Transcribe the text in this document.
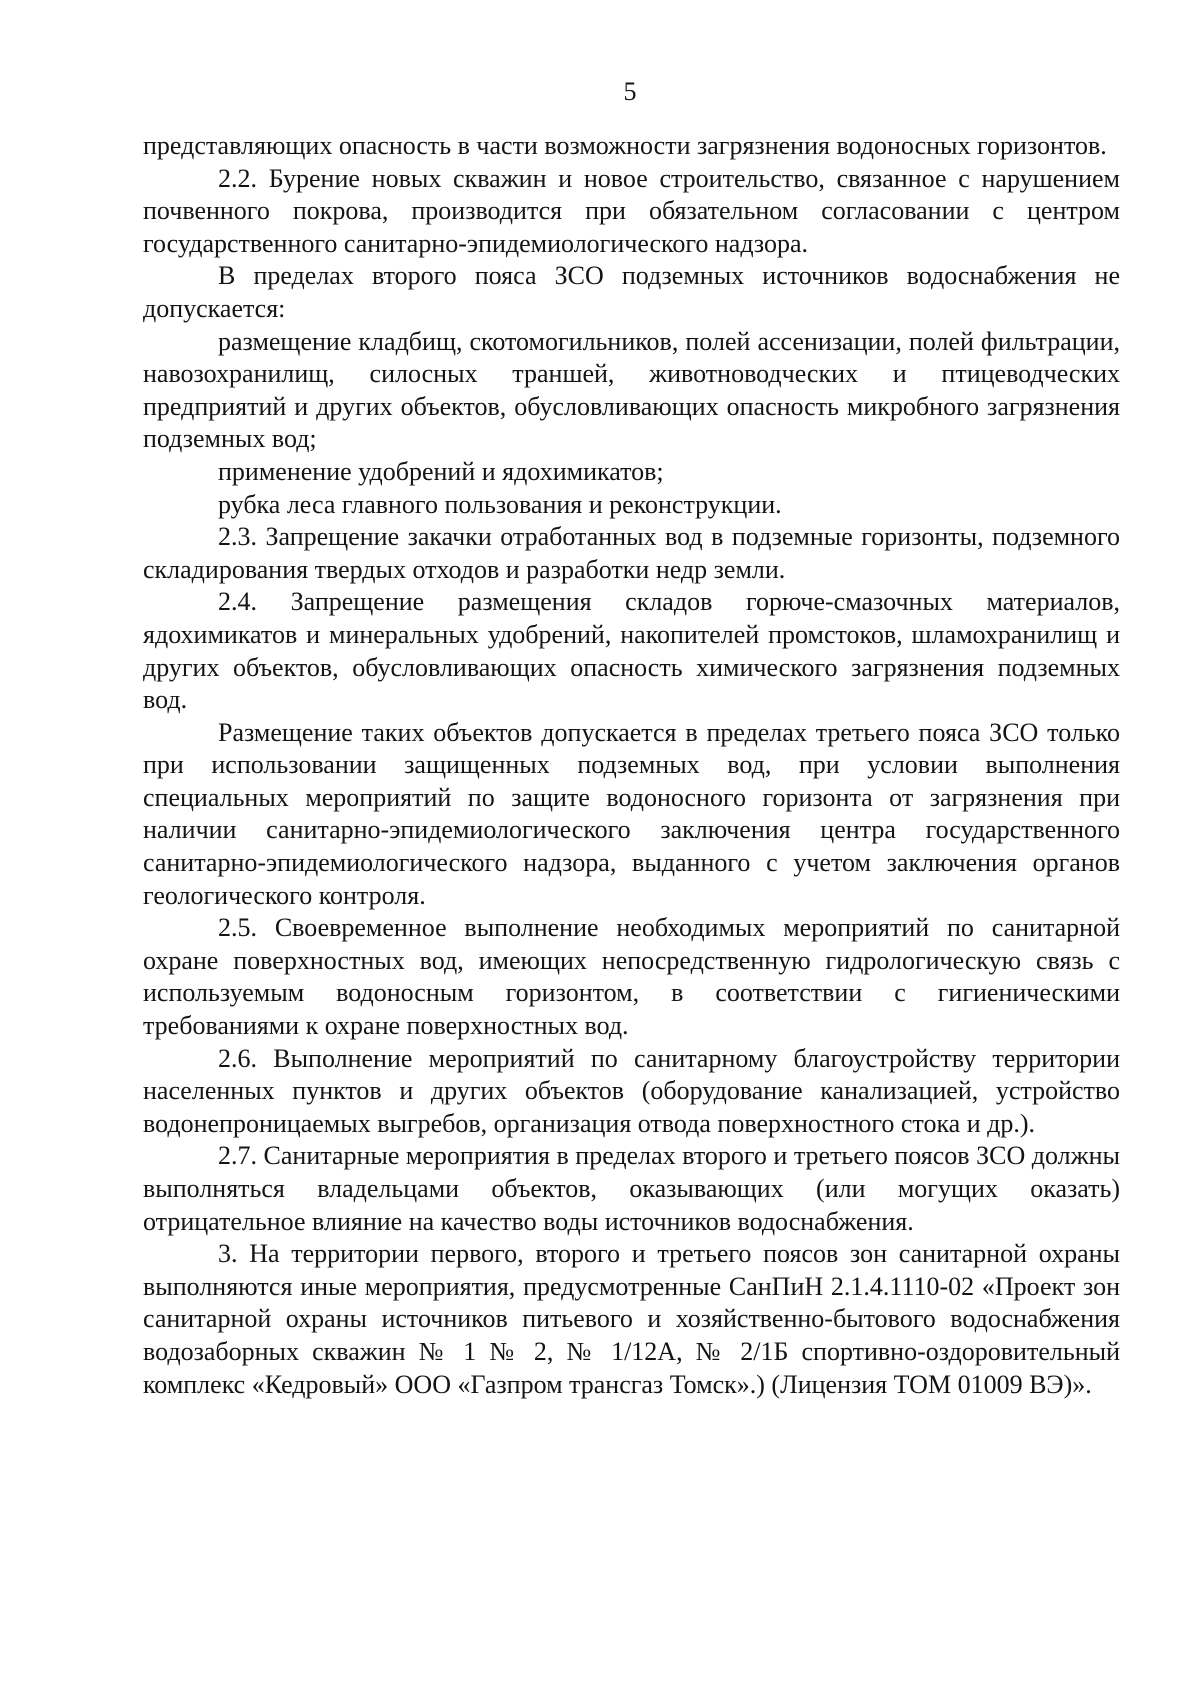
5

представляющих опасность в части возможности загрязнения водоносных горизонтов.

2.2. Бурение новых скважин и новое строительство, связанное с нарушением почвенного покрова, производится при обязательном согласовании с центром государственного санитарно-эпидемиологического надзора.

В пределах второго пояса ЗСО подземных источников водоснабжения не допускается:

размещение кладбищ, скотомогильников, полей ассенизации, полей фильтрации, навозохранилищ, силосных траншей, животноводческих и птицеводческих предприятий и других объектов, обусловливающих опасность микробного загрязнения подземных вод;

применение удобрений и ядохимикатов;

рубка леса главного пользования и реконструкции.

2.3. Запрещение закачки отработанных вод в подземные горизонты, подземного складирования твердых отходов и разработки недр земли.

2.4. Запрещение размещения складов горюче-смазочных материалов, ядохимикатов и минеральных удобрений, накопителей промстоков, шламохранилищ и других объектов, обусловливающих опасность химического загрязнения подземных вод.

Размещение таких объектов допускается в пределах третьего пояса ЗСО только при использовании защищенных подземных вод, при условии выполнения специальных мероприятий по защите водоносного горизонта от загрязнения при наличии санитарно-эпидемиологического заключения центра государственного санитарно-эпидемиологического надзора, выданного с учетом заключения органов геологического контроля.

2.5. Своевременное выполнение необходимых мероприятий по санитарной охране поверхностных вод, имеющих непосредственную гидрологическую связь с используемым водоносным горизонтом, в соответствии с гигиеническими требованиями к охране поверхностных вод.

2.6. Выполнение мероприятий по санитарному благоустройству территории населенных пунктов и других объектов (оборудование канализацией, устройство водонепроницаемых выгребов, организация отвода поверхностного стока и др.).

2.7. Санитарные мероприятия в пределах второго и третьего поясов ЗСО должны выполняться владельцами объектов, оказывающих (или могущих оказать) отрицательное влияние на качество воды источников водоснабжения.

3. На территории первого, второго и третьего поясов зон санитарной охраны выполняются иные мероприятия, предусмотренные СанПиН 2.1.4.1110-02 «Проект зон санитарной охраны источников питьевого и хозяйственно-бытового водоснабжения водозаборных скважин № 1 № 2, № 1/12А, № 2/1Б спортивно-оздоровительный комплекс «Кедровый» ООО «Газпром трансгаз Томск».) (Лицензия ТОМ 01009 ВЭ)».
